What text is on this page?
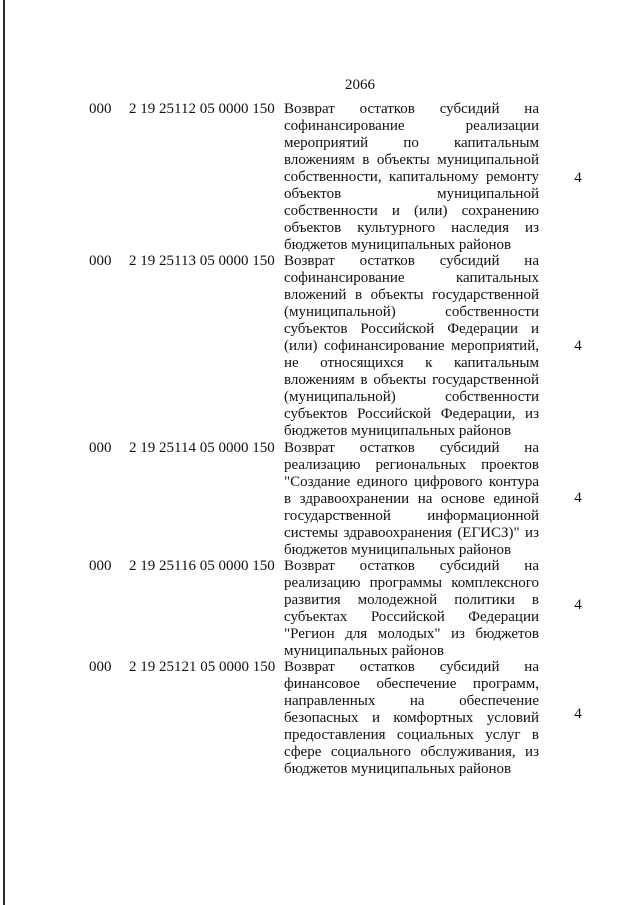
2066
000 2 19 25112 05 0000 150 Возврат остатков субсидий на софинансирование реализации мероприятий по капитальным вложениям в объекты муниципальной собственности, капитальному ремонту объектов муниципальной собственности и (или) сохранению объектов культурного наследия из бюджетов муниципальных районов
4
000 2 19 25113 05 0000 150 Возврат остатков субсидий на софинансирование капитальных вложений в объекты государственной (муниципальной) собственности субъектов Российской Федерации и (или) софинансирование мероприятий, не относящихся к капитальным вложениям в объекты государственной (муниципальной) собственности субъектов Российской Федерации, из бюджетов муниципальных районов
4
000 2 19 25114 05 0000 150 Возврат остатков субсидий на реализацию региональных проектов "Создание единого цифрового контура в здравоохранении на основе единой государственной информационной системы здравоохранения (ЕГИСЗ)" из бюджетов муниципальных районов
4
000 2 19 25116 05 0000 150 Возврат остатков субсидий на реализацию программы комплексного развития молодежной политики в субъектах Российской Федерации "Регион для молодых" из бюджетов муниципальных районов
4
000 2 19 25121 05 0000 150 Возврат остатков субсидий на финансовое обеспечение программ, направленных на обеспечение безопасных и комфортных условий предоставления социальных услуг в сфере социального обслуживания, из бюджетов муниципальных районов
4
